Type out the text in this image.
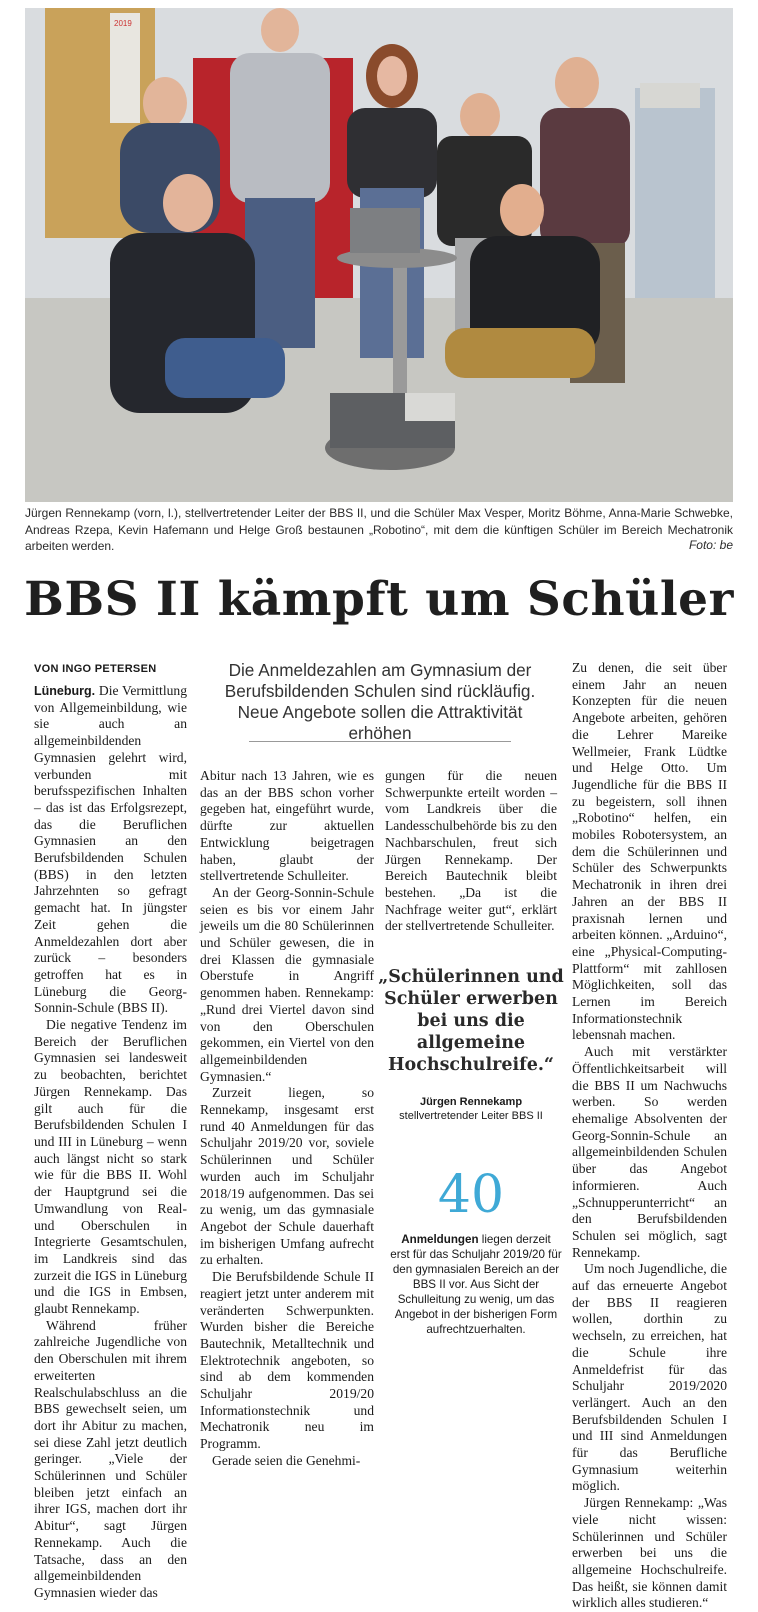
2019
Jürgen Rennekamp (vorn, l.), stellvertretender Leiter der BBS II, und die Schüler Max Vesper, Moritz Böhme, Anna-Marie Schwebke, Andreas Rzepa, Kevin Hafemann und Helge Groß bestaunen „Robotino“, mit dem die künftigen Schüler im Bereich Mechatronik arbeiten werden.	Foto: be
BBS II kämpft um Schüler
VON INGO PETERSEN	Die Anmeldezahlen am Gymnasium der Berufsbildenden Schulen sind rückläufig. Neue Angebote sollen die Attraktivität erhöhen

Lüneburg. Die Vermittlung von Allgemeinbildung, wie sie auch an allgemeinbildenden Gymnasien gelehrt wird, verbunden mit berufsspezifischen Inhalten – das ist das Erfolgsrezept, das die Beruflichen Gymnasien an den Berufsbildenden Schulen (BBS) in den letzten Jahrzehnten so gefragt gemacht hat. In jüngster Zeit gehen die Anmeldezahlen dort aber zurück – besonders getroffen hat es in Lüneburg die Georg-Sonnin-Schule (BBS II).

Die negative Tendenz im Bereich der Beruflichen Gymnasien sei landesweit zu beobachten, berichtet Jürgen Rennekamp. Das gilt auch für die Berufsbildenden Schulen I und III in Lüneburg – wenn auch längst nicht so stark wie für die BBS II. Wohl der Hauptgrund sei die Umwandlung von Real- und Oberschulen in Integrierte Gesamtschulen, im Landkreis sind das zurzeit die IGS in Lüneburg und die IGS in Embsen, glaubt Rennekamp.

Während früher zahlreiche Jugendliche von den Oberschulen mit ihrem erweiterten Realschulabschluss an die BBS gewechselt seien, um dort ihr Abitur zu machen, sei diese Zahl jetzt deutlich geringer. „Viele der Schülerinnen und Schüler bleiben jetzt einfach an ihrer IGS, machen dort ihr Abitur“, sagt Jürgen Rennekamp. Auch die Tatsache, dass an den allgemeinbildenden Gymnasien wieder das

Abitur nach 13 Jahren, wie es das an der BBS schon vorher gegeben hat, eingeführt wurde, dürfte zur aktuellen Entwicklung beigetragen haben, glaubt der stellvertretende Schulleiter.

An der Georg-Sonnin-Schule seien es bis vor einem Jahr jeweils um die 80 Schülerinnen und Schüler gewesen, die in drei Klassen die gymnasiale Oberstufe in Angriff genommen haben. Rennekamp: „Rund drei Viertel davon sind von den Oberschulen gekommen, ein Viertel von den allgemeinbildenden Gymnasien.“

Zurzeit liegen, so Rennekamp, insgesamt erst rund 40 Anmeldungen für das Schuljahr 2019/20 vor, soviele Schülerinnen und Schüler wurden auch im Schuljahr 2018/19 aufgenommen. Das sei zu wenig, um das gymnasiale Angebot der Schule dauerhaft im bisherigen Umfang aufrecht zu erhalten.

Die Berufsbildende Schule II reagiert jetzt unter anderem mit veränderten Schwerpunkten. Wurden bisher die Bereiche Bautechnik, Metalltechnik und Elektrotechnik angeboten, so sind ab dem kommenden Schuljahr 2019/20 Informationstechnik und Mechatronik neu im Programm.

Gerade seien die Genehmi-

gungen für die neuen Schwerpunkte erteilt worden – vom Landkreis über die Landesschulbehörde bis zu den Nachbarschulen, freut sich Jürgen Rennekamp. Der Bereich Bautechnik bleibt bestehen. „Da ist die Nachfrage weiter gut“, erklärt der stellvertretende Schulleiter.

„Schülerinnen und Schüler erwerben bei uns die allgemeine Hochschulreife.“
Jürgen Rennekamp
stellvertretender Leiter BBS II
40
Anmeldungen liegen derzeit erst für das Schuljahr 2019/20 für den gymnasialen Bereich an der BBS II vor. Aus Sicht der Schulleitung zu wenig, um das Angebot in der bisherigen Form aufrechtzuerhalten.

Zu denen, die seit über einem Jahr an neuen Konzepten für die neuen Angebote arbeiten, gehören die Lehrer Mareike Wellmeier, Frank Lüdtke und Helge Otto. Um Jugendliche für die BBS II zu begeistern, soll ihnen „Robotino“ helfen, ein mobiles Robotersystem, an dem die Schülerinnen und Schüler des Schwerpunkts Mechatronik in ihren drei Jahren an der BBS II praxisnah lernen und arbeiten können. „Arduino“, eine „Physical-Computing-Plattform“ mit zahllosen Möglichkeiten, soll das Lernen im Bereich Informationstechnik lebensnah machen.

Auch mit verstärkter Öffentlichkeitsarbeit will die BBS II um Nachwuchs werben. So werden ehemalige Absolventen der Georg-Sonnin-Schule an allgemeinbildenden Schulen über das Angebot informieren. Auch „Schnupperunterricht“ an den Berufsbildenden Schulen sei möglich, sagt Rennekamp.

Um noch Jugendliche, die auf das erneuerte Angebot der BBS II reagieren wollen, dorthin zu wechseln, zu erreichen, hat die Schule ihre Anmeldefrist für das Schuljahr 2019/2020 verlängert. Auch an den Berufsbildenden Schulen I und III sind Anmeldungen für das Berufliche Gymnasium weiterhin möglich.

Jürgen Rennekamp: „Was viele nicht wissen: Schülerinnen und Schüler erwerben bei uns die allgemeine Hochschulreife. Das heißt, sie können damit wirklich alles studieren.“
